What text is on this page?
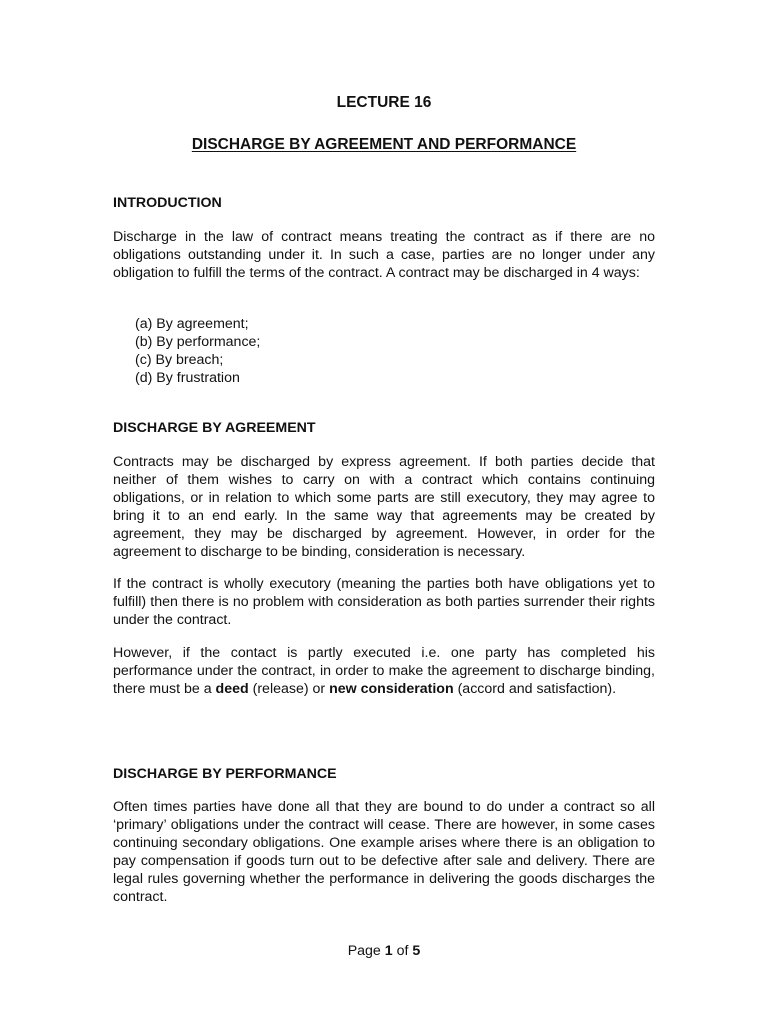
LECTURE 16
DISCHARGE BY AGREEMENT AND PERFORMANCE
INTRODUCTION

Discharge in the law of contract means treating the contract as if there are no obligations outstanding under it. In such a case, parties are no longer under any obligation to fulfill the terms of the contract. A contract may be discharged in 4 ways:

(a) By agreement;
(b) By performance;
(c) By breach;
(d) By frustration
DISCHARGE BY AGREEMENT

Contracts may be discharged by express agreement. If both parties decide that neither of them wishes to carry on with a contract which contains continuing obligations, or in relation to which some parts are still executory, they may agree to bring it to an end early. In the same way that agreements may be created by agreement, they may be discharged by agreement. However, in order for the agreement to discharge to be binding, consideration is necessary.

If the contract is wholly executory (meaning the parties both have obligations yet to fulfill) then there is no problem with consideration as both parties surrender their rights under the contract.

However, if the contact is partly executed i.e. one party has completed his performance under the contract, in order to make the agreement to discharge binding, there must be a deed (release) or new consideration (accord and satisfaction).

DISCHARGE BY PERFORMANCE

Often times parties have done all that they are bound to do under a contract so all ‘primary’ obligations under the contract will cease. There are however, in some cases continuing secondary obligations. One example arises where there is an obligation to pay compensation if goods turn out to be defective after sale and delivery. There are legal rules governing whether the performance in delivering the goods discharges the contract.

Page 1 of 5
